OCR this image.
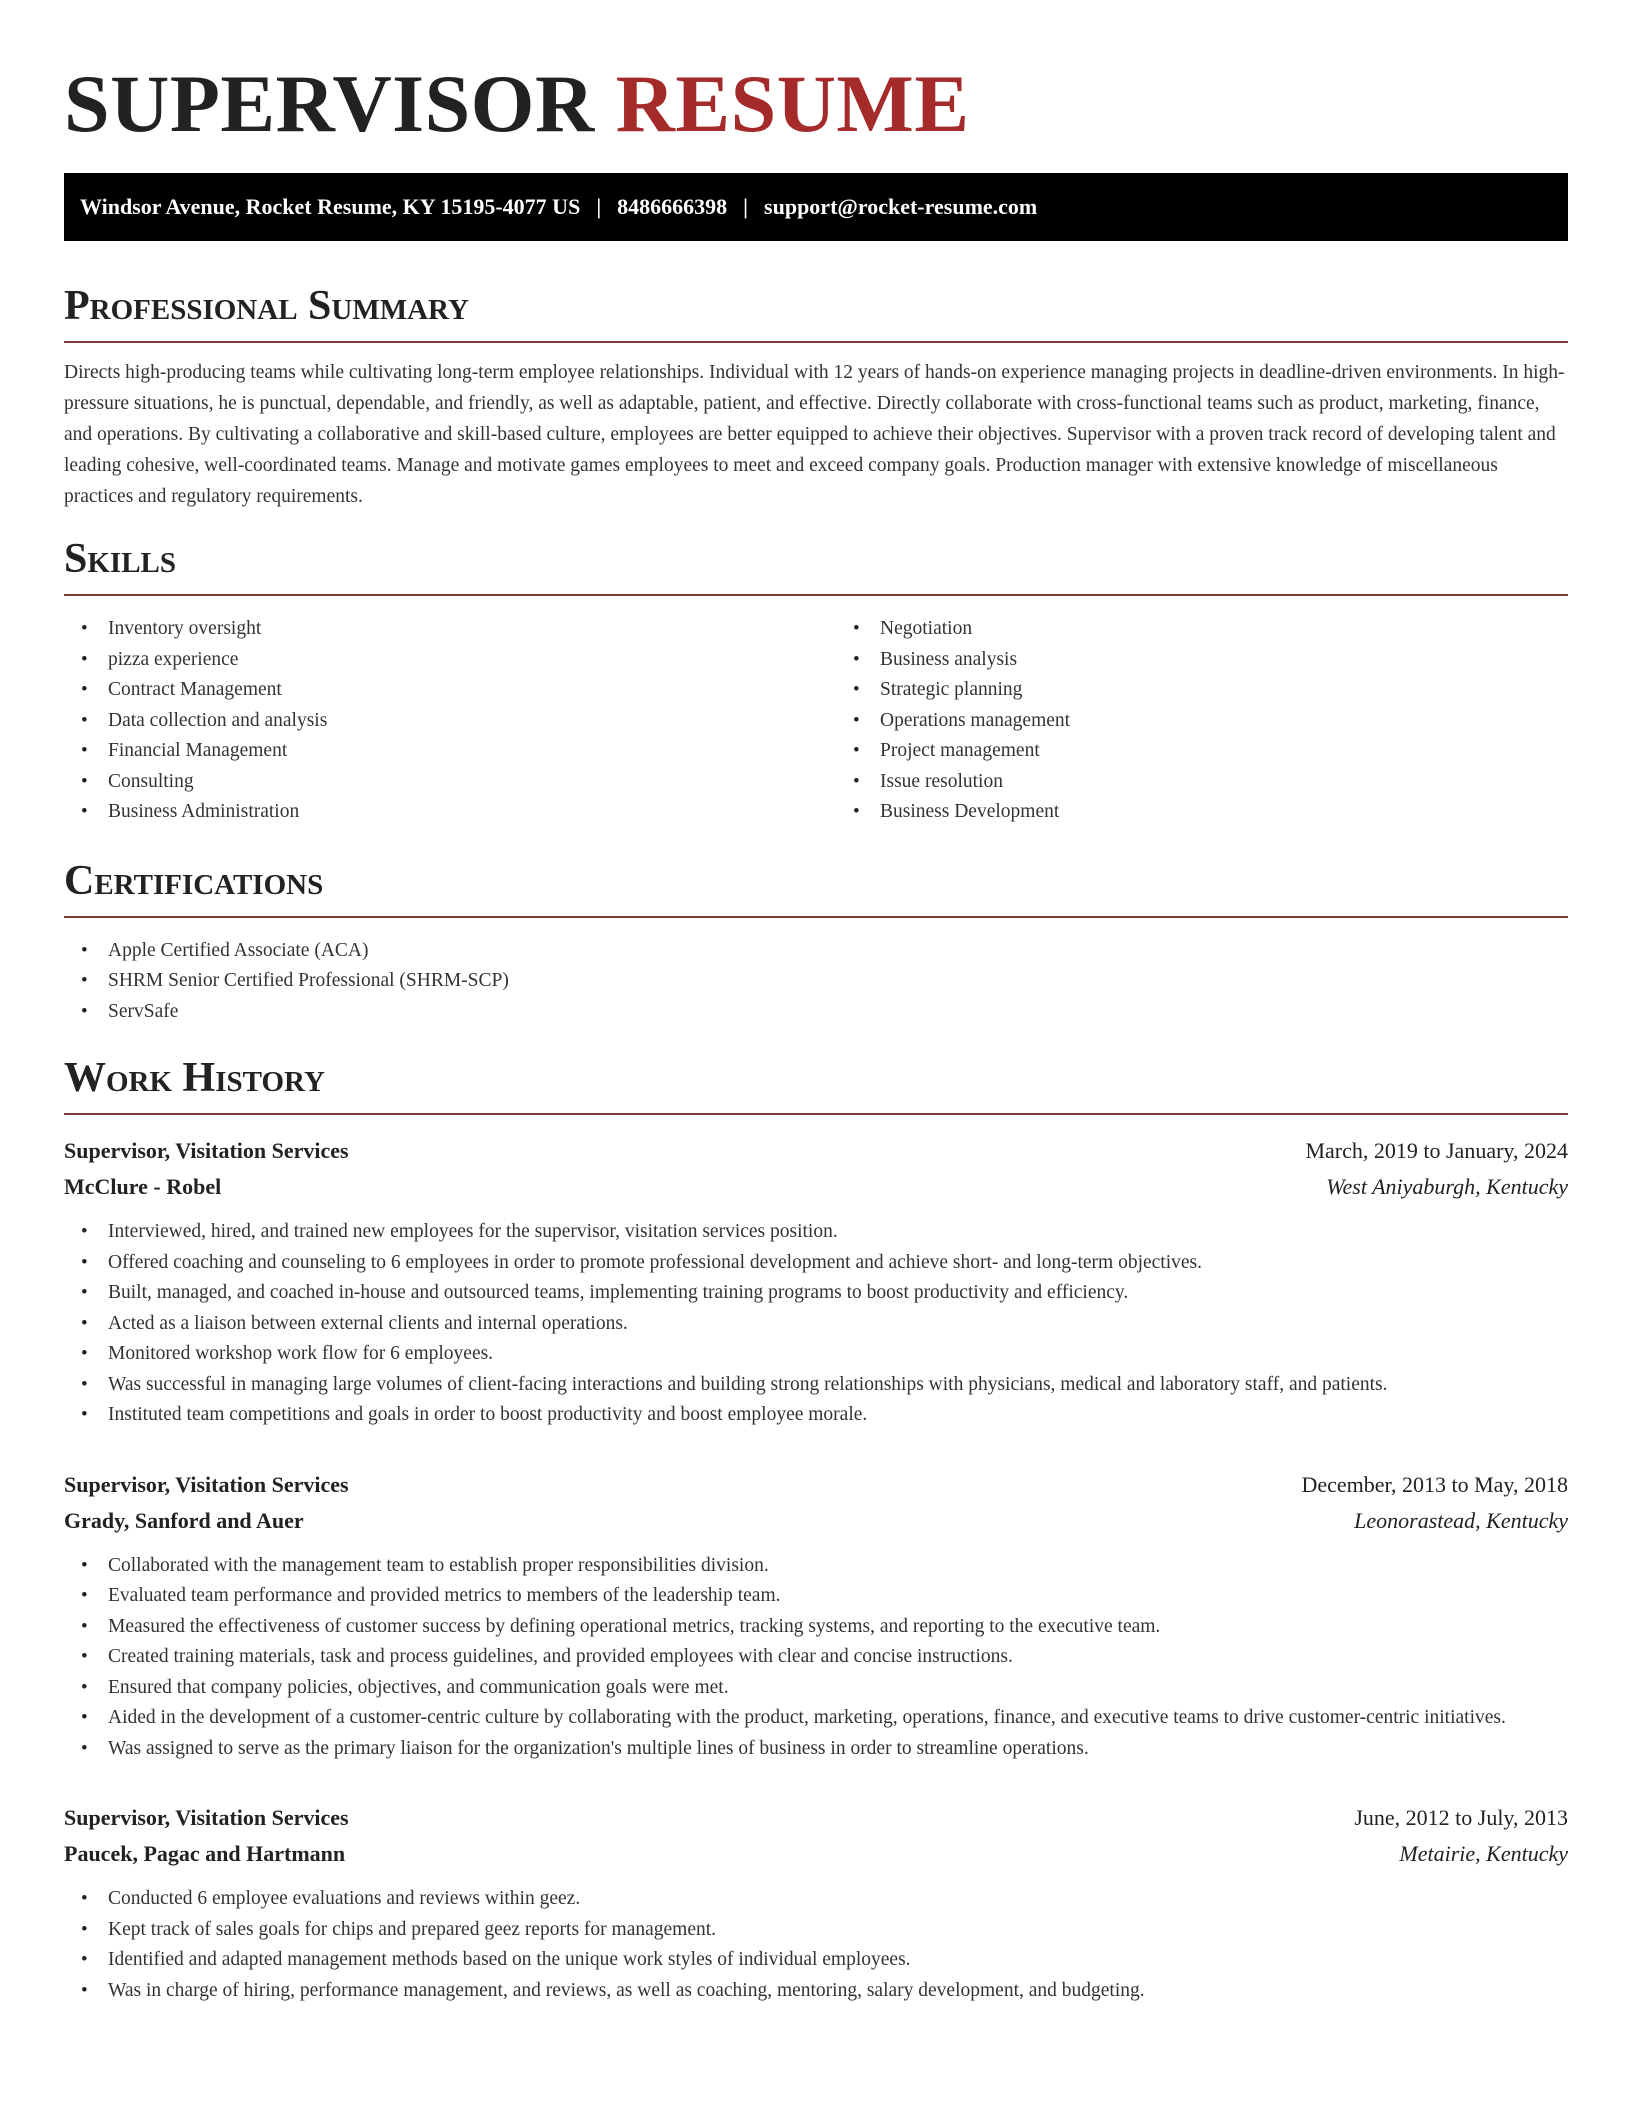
SUPERVISOR RESUME
Windsor Avenue, Rocket Resume, KY 15195-4077 US | 8486666398 | support@rocket-resume.com
Professional Summary

Directs high-producing teams while cultivating long-term employee relationships. Individual with 12 years of hands-on experience managing projects in deadline-driven environments. In high-pressure situations, he is punctual, dependable, and friendly, as well as adaptable, patient, and effective. Directly collaborate with cross-functional teams such as product, marketing, finance, and operations. By cultivating a collaborative and skill-based culture, employees are better equipped to achieve their objectives. Supervisor with a proven track record of developing talent and leading cohesive, well-coordinated teams. Manage and motivate games employees to meet and exceed company goals. Production manager with extensive knowledge of miscellaneous practices and regulatory requirements.

Skills
• Inventory oversight
• pizza experience
• Contract Management
• Data collection and analysis
• Financial Management
• Consulting
• Business Administration
• Negotiation
• Business analysis
• Strategic planning
• Operations management
• Project management
• Issue resolution
• Business Development
Certifications
• Apple Certified Associate (ACA)
• SHRM Senior Certified Professional (SHRM-SCP)
• ServSafe
Work History
Supervisor, Visitation Services	March, 2019 to January, 2024
McClure - Robel	West Aniyaburgh, Kentucky
• Interviewed, hired, and trained new employees for the supervisor, visitation services position.
• Offered coaching and counseling to 6 employees in order to promote professional development and achieve short- and long-term objectives.
• Built, managed, and coached in-house and outsourced teams, implementing training programs to boost productivity and efficiency.
• Acted as a liaison between external clients and internal operations.
• Monitored workshop work flow for 6 employees.
• Was successful in managing large volumes of client-facing interactions and building strong relationships with physicians, medical and laboratory staff, and patients.
• Instituted team competitions and goals in order to boost productivity and boost employee morale.
Supervisor, Visitation Services	December, 2013 to May, 2018
Grady, Sanford and Auer	Leonorastead, Kentucky
• Collaborated with the management team to establish proper responsibilities division.
• Evaluated team performance and provided metrics to members of the leadership team.
• Measured the effectiveness of customer success by defining operational metrics, tracking systems, and reporting to the executive team.
• Created training materials, task and process guidelines, and provided employees with clear and concise instructions.
• Ensured that company policies, objectives, and communication goals were met.
• Aided in the development of a customer-centric culture by collaborating with the product, marketing, operations, finance, and executive teams to drive customer-centric initiatives.
• Was assigned to serve as the primary liaison for the organization's multiple lines of business in order to streamline operations.
Supervisor, Visitation Services	June, 2012 to July, 2013
Paucek, Pagac and Hartmann	Metairie, Kentucky
• Conducted 6 employee evaluations and reviews within geez.
• Kept track of sales goals for chips and prepared geez reports for management.
• Identified and adapted management methods based on the unique work styles of individual employees.
• Was in charge of hiring, performance management, and reviews, as well as coaching, mentoring, salary development, and budgeting.
